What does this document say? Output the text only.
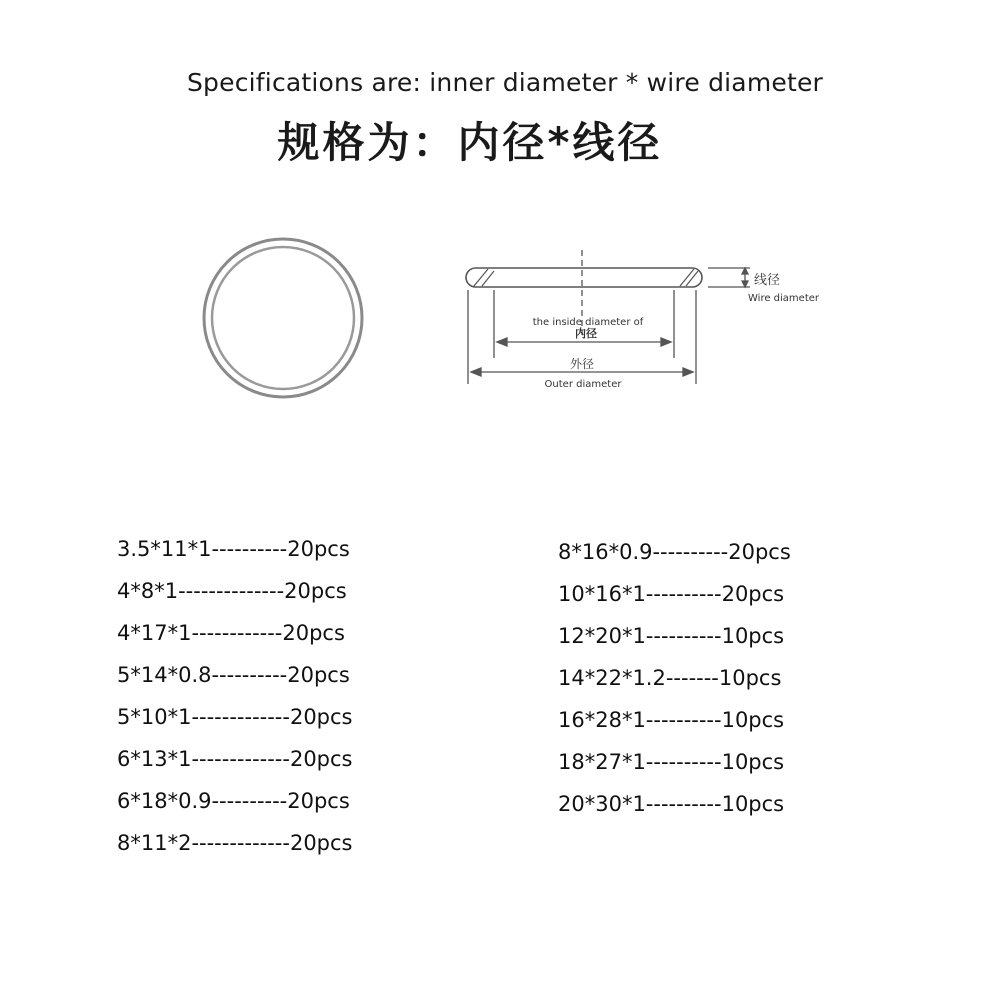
Specifications are: inner diameter * wire diameter
规格为：内径*线径
线径
Wire diameter
the inside diameter of
内径
外径
Outer diameter
3.5*11*1----------20pcs
4*8*1--------------20pcs
4*17*1------------20pcs
5*14*0.8----------20pcs
5*10*1-------------20pcs
6*13*1-------------20pcs
6*18*0.9----------20pcs
8*11*2-------------20pcs
8*16*0.9----------20pcs
10*16*1----------20pcs
12*20*1----------10pcs
14*22*1.2-------10pcs
16*28*1----------10pcs
18*27*1----------10pcs
20*30*1----------10pcs
